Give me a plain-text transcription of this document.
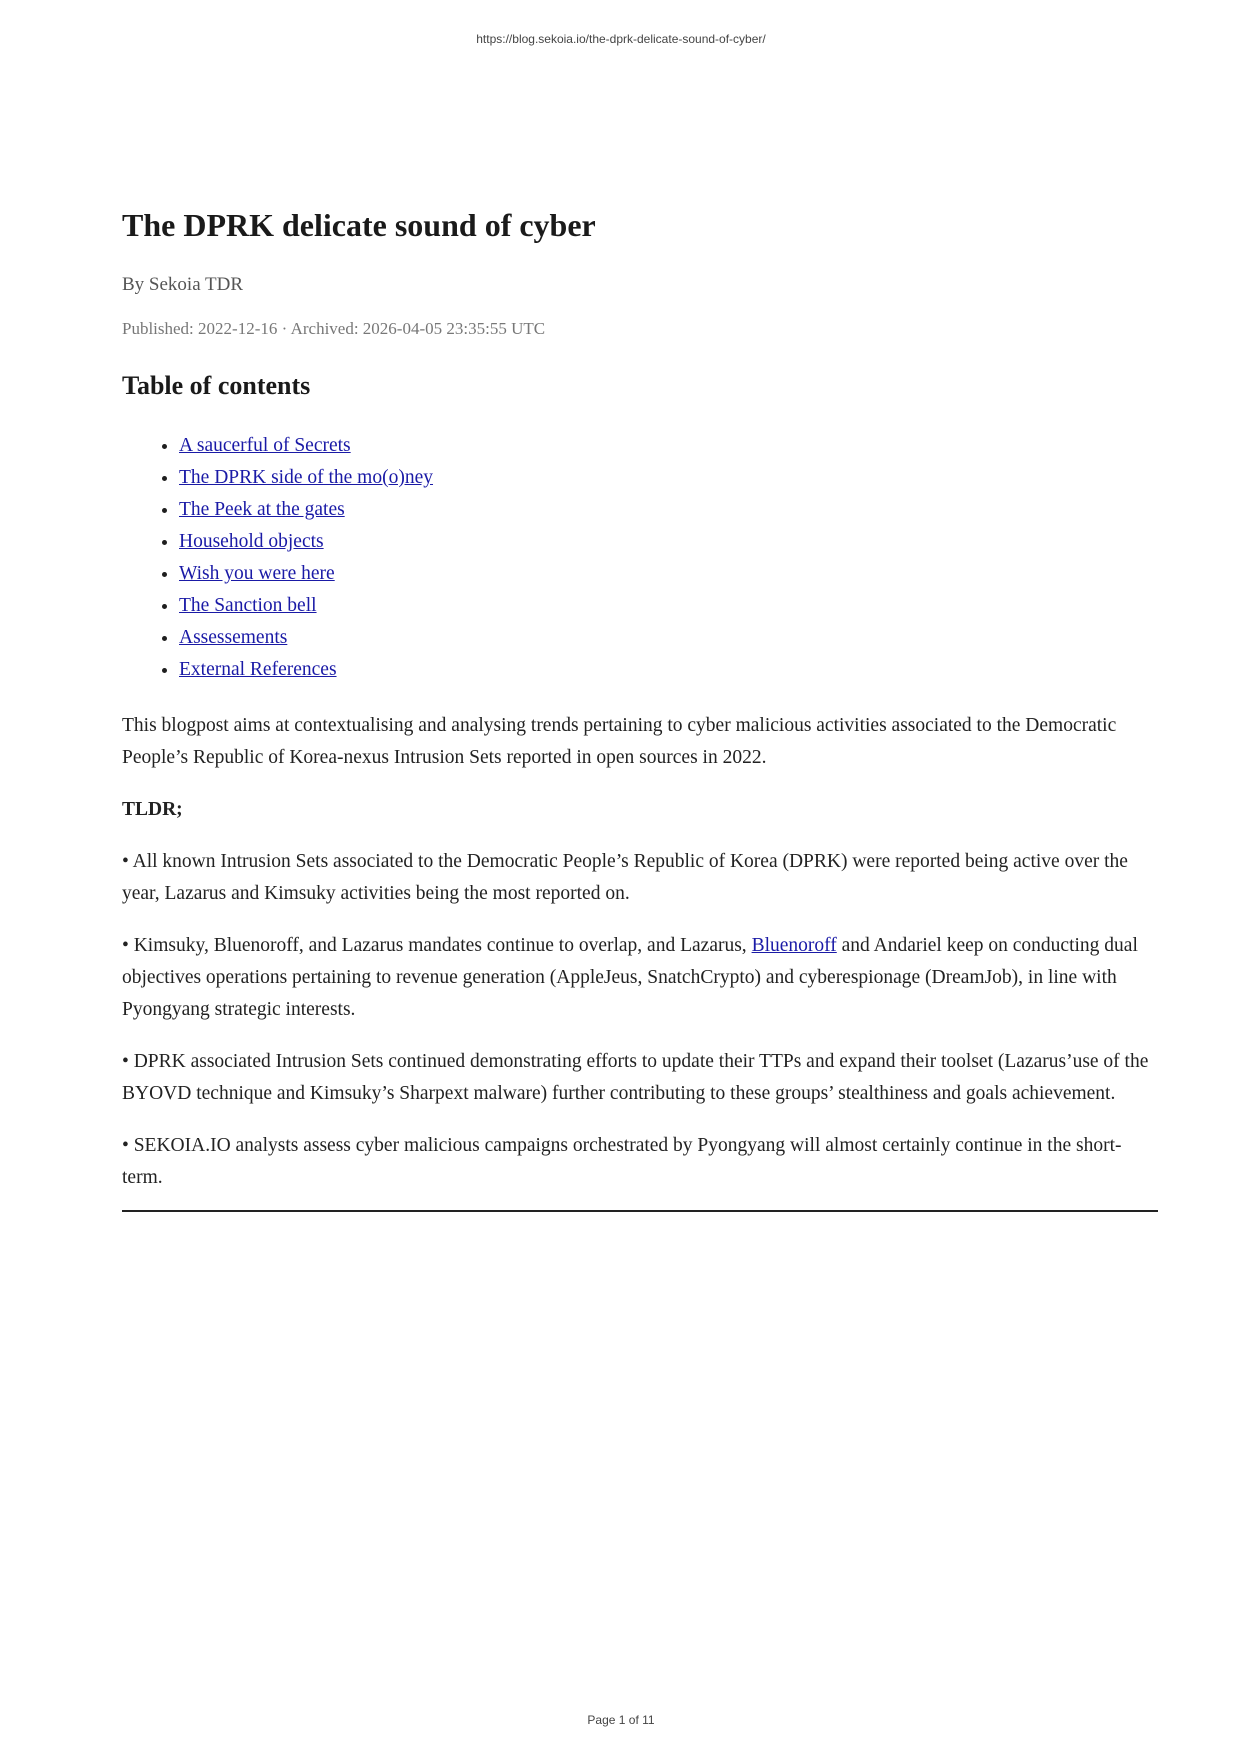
https://blog.sekoia.io/the-dprk-delicate-sound-of-cyber/
The DPRK delicate sound of cyber

By Sekoia TDR

Published: 2022-12-16 · Archived: 2026-04-05 23:35:55 UTC

Table of contents
• A saucerful of Secrets
• The DPRK side of the mo(o)ney
• The Peek at the gates
• Household objects
• Wish you were here
• The Sanction bell
• Assessements
• External References

This blogpost aims at contextualising and analysing trends pertaining to cyber malicious activities associated to the Democratic People’s Republic of Korea-nexus Intrusion Sets reported in open sources in 2022.

TLDR;

• All known Intrusion Sets associated to the Democratic People’s Republic of Korea (DPRK) were reported being active over the year, Lazarus and Kimsuky activities being the most reported on.

• Kimsuky, Bluenoroff, and Lazarus mandates continue to overlap, and Lazarus, Bluenoroff and Andariel keep on conducting dual objectives operations pertaining to revenue generation (AppleJeus, SnatchCrypto) and cyberespionage (DreamJob), in line with Pyongyang strategic interests.

• DPRK associated Intrusion Sets continued demonstrating efforts to update their TTPs and expand their toolset (Lazarus’use of the BYOVD technique and Kimsuky’s Sharpext malware) further contributing to these groups’ stealthiness and goals achievement.

• SEKOIA.IO analysts assess cyber malicious campaigns orchestrated by Pyongyang will almost certainly continue in the short-term.

Page 1 of 11
